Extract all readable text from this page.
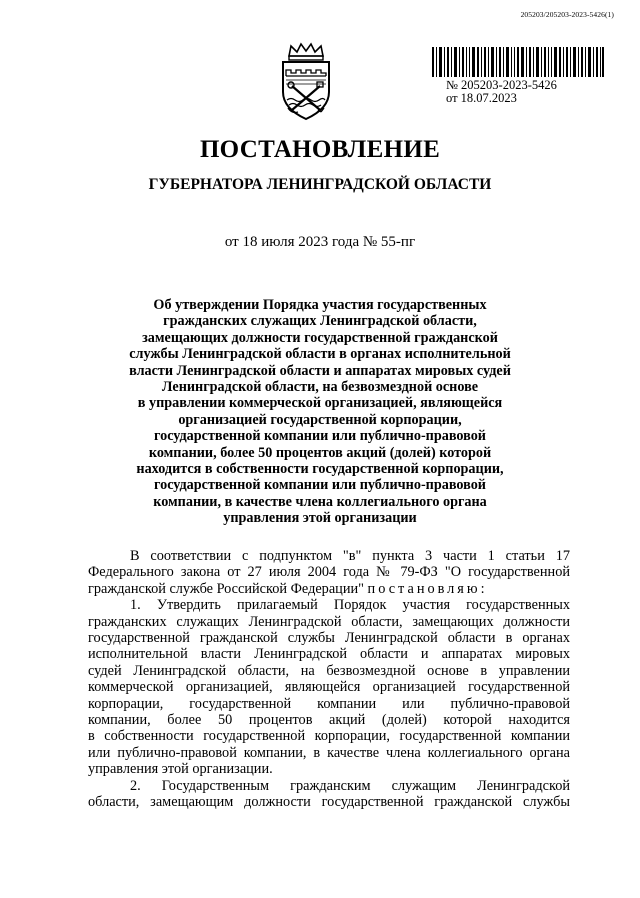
205203/205203-2023-5426(1)
№ 205203-2023-5426
от 18.07.2023
ПОСТАНОВЛЕНИЕ
ГУБЕРНАТОРА ЛЕНИНГРАДСКОЙ ОБЛАСТИ
от 18 июля 2023 года № 55-пг
Об утверждении Порядка участия государственных
гражданских служащих Ленинградской области,
замещающих должности государственной гражданской
службы Ленинградской области в органах исполнительной
власти Ленинградской области и аппаратах мировых судей
Ленинградской области, на безвозмездной основе
в управлении коммерческой организацией, являющейся
организацией государственной корпорации,
государственной компании или публично-правовой
компании, более 50 процентов акций (долей) которой
находится в собственности государственной корпорации,
государственной компании или публично-правовой
компании, в качестве члена коллегиального органа
управления этой организации
В соответствии с подпунктом "в" пункта 3 части 1 статьи 17
Федерального закона от 27 июля 2004 года № 79-ФЗ "О государственной
гражданской службе Российской Федерации" постановляю:
1. Утвердить прилагаемый Порядок участия государственных
гражданских служащих Ленинградской области, замещающих должности
государственной гражданской службы Ленинградской области в органах
исполнительной власти Ленинградской области и аппаратах мировых
судей Ленинградской области, на безвозмездной основе в управлении
коммерческой организацией, являющейся организацией государственной
корпорации, государственной компании или публично-правовой
компании, более 50 процентов акций (долей) которой находится
в собственности государственной корпорации, государственной компании
или публично-правовой компании, в качестве члена коллегиального органа
управления этой организации.
2. Государственным гражданским служащим Ленинградской
области, замещающим должности государственной гражданской службы
